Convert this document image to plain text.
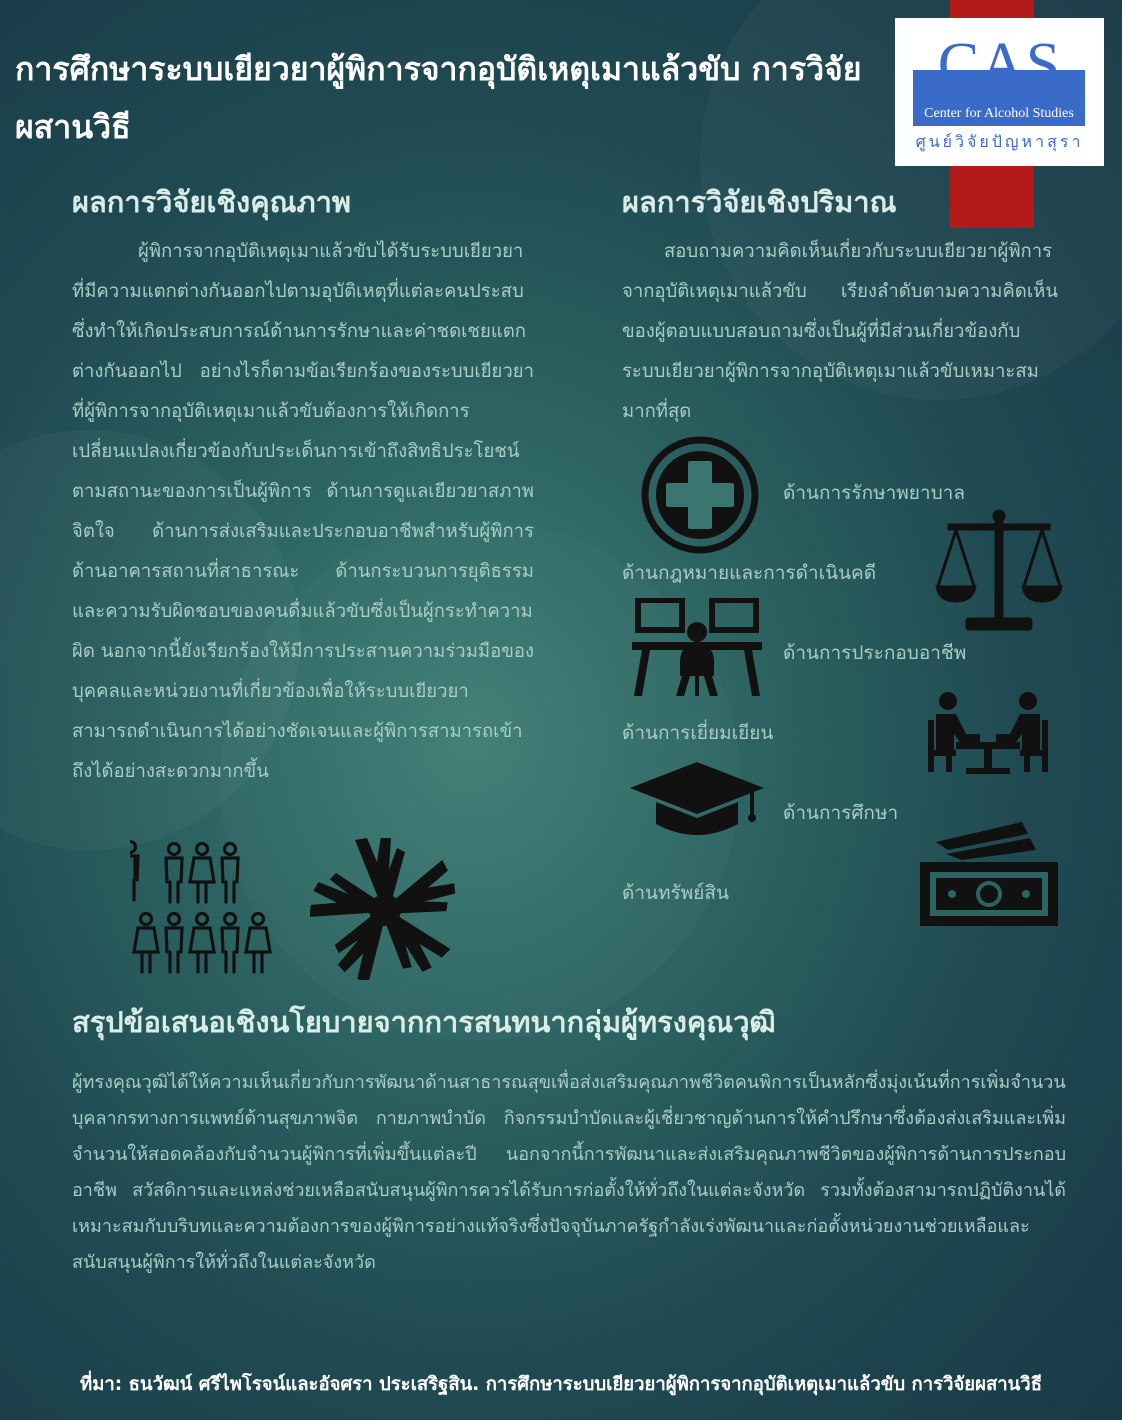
CAS
Center for Alcohol Studies
ศูนย์วิจัยปัญหาสุรา
การศึกษาระบบเยียวยาผู้พิการจากอุบัติเหตุเมาแล้วขับ การวิจัยผสานวิธี
ผลการวิจัยเชิงคุณภาพ
ผู้พิการจากอุบัติเหตุเมาแล้วขับได้รับระบบเยียวยาที่มีความแตกต่างกันออกไปตามอุบัติเหตุที่แต่ละคนประสบซึ่งทำให้เกิดประสบการณ์ด้านการรักษาและค่าชดเชยแตกต่างกันออกไป อย่างไรก็ตามข้อเรียกร้องของระบบเยียวยาที่ผู้พิการจากอุบัติเหตุเมาแล้วขับต้องการให้เกิดการเปลี่ยนแปลงเกี่ยวข้องกับประเด็นการเข้าถึงสิทธิประโยชน์ตามสถานะของการเป็นผู้พิการ ด้านการดูแลเยียวยาสภาพจิตใจ ด้านการส่งเสริมและประกอบอาชีพสำหรับผู้พิการ ด้านอาคารสถานที่สาธารณะ ด้านกระบวนการยุติธรรมและความรับผิดชอบของคนดื่มแล้วขับซึ่งเป็นผู้กระทำความผิด นอกจากนี้ยังเรียกร้องให้มีการประสานความร่วมมือของบุคคลและหน่วยงานที่เกี่ยวข้องเพื่อให้ระบบเยียวยาสามารถดำเนินการได้อย่างชัดเจนและผู้พิการสามารถเข้าถึงได้อย่างสะดวกมากขึ้น
ผลการวิจัยเชิงปริมาณ
สอบถามความคิดเห็นเกี่ยวกับระบบเยียวยาผู้พิการจากอุบัติเหตุเมาแล้วขับ เรียงลำดับตามความคิดเห็นของผู้ตอบแบบสอบถามซึ่งเป็นผู้ที่มีส่วนเกี่ยวข้องกับระบบเยียวยาผู้พิการจากอุบัติเหตุเมาแล้วขับเหมาะสมมากที่สุด
ด้านการรักษาพยาบาล
ด้านกฎหมายและการดำเนินคดี
ด้านการประกอบอาชีพ
ด้านการเยี่ยมเยียน
ด้านการศึกษา
ด้านทรัพย์สิน
สรุปข้อเสนอเชิงนโยบายจากการสนทนากลุ่มผู้ทรงคุณวุฒิ
ผู้ทรงคุณวุฒิได้ให้ความเห็นเกี่ยวกับการพัฒนาด้านสาธารณสุขเพื่อส่งเสริมคุณภาพชีวิตคนพิการเป็นหลักซึ่งมุ่งเน้นที่การเพิ่มจำนวนบุคลากรทางการแพทย์ด้านสุขภาพจิต กายภาพบำบัด กิจกรรมบำบัดและผู้เชี่ยวชาญด้านการให้คำปรึกษาซึ่งต้องส่งเสริมและเพิ่มจำนวนให้สอดคล้องกับจำนวนผู้พิการที่เพิ่มขึ้นแต่ละปี นอกจากนี้การพัฒนาและส่งเสริมคุณภาพชีวิตของผู้พิการด้านการประกอบอาชีพ สวัสดิการและแหล่งช่วยเหลือสนับสนุนผู้พิการควรได้รับการก่อตั้งให้ทั่วถึงในแต่ละจังหวัด รวมทั้งต้องสามารถปฏิบัติงานได้เหมาะสมกับบริบทและความต้องการของผู้พิการอย่างแท้จริงซึ่งปัจจุบันภาครัฐกำลังเร่งพัฒนาและก่อตั้งหน่วยงานช่วยเหลือและสนับสนุนผู้พิการให้ทั่วถึงในแต่ละจังหวัด
ที่มา: ธนวัฒน์ ศรีไพโรจน์และอัจศรา ประเสริฐสิน. การศึกษาระบบเยียวยาผู้พิการจากอุบัติเหตุเมาแล้วขับ การวิจัยผสานวิธี
